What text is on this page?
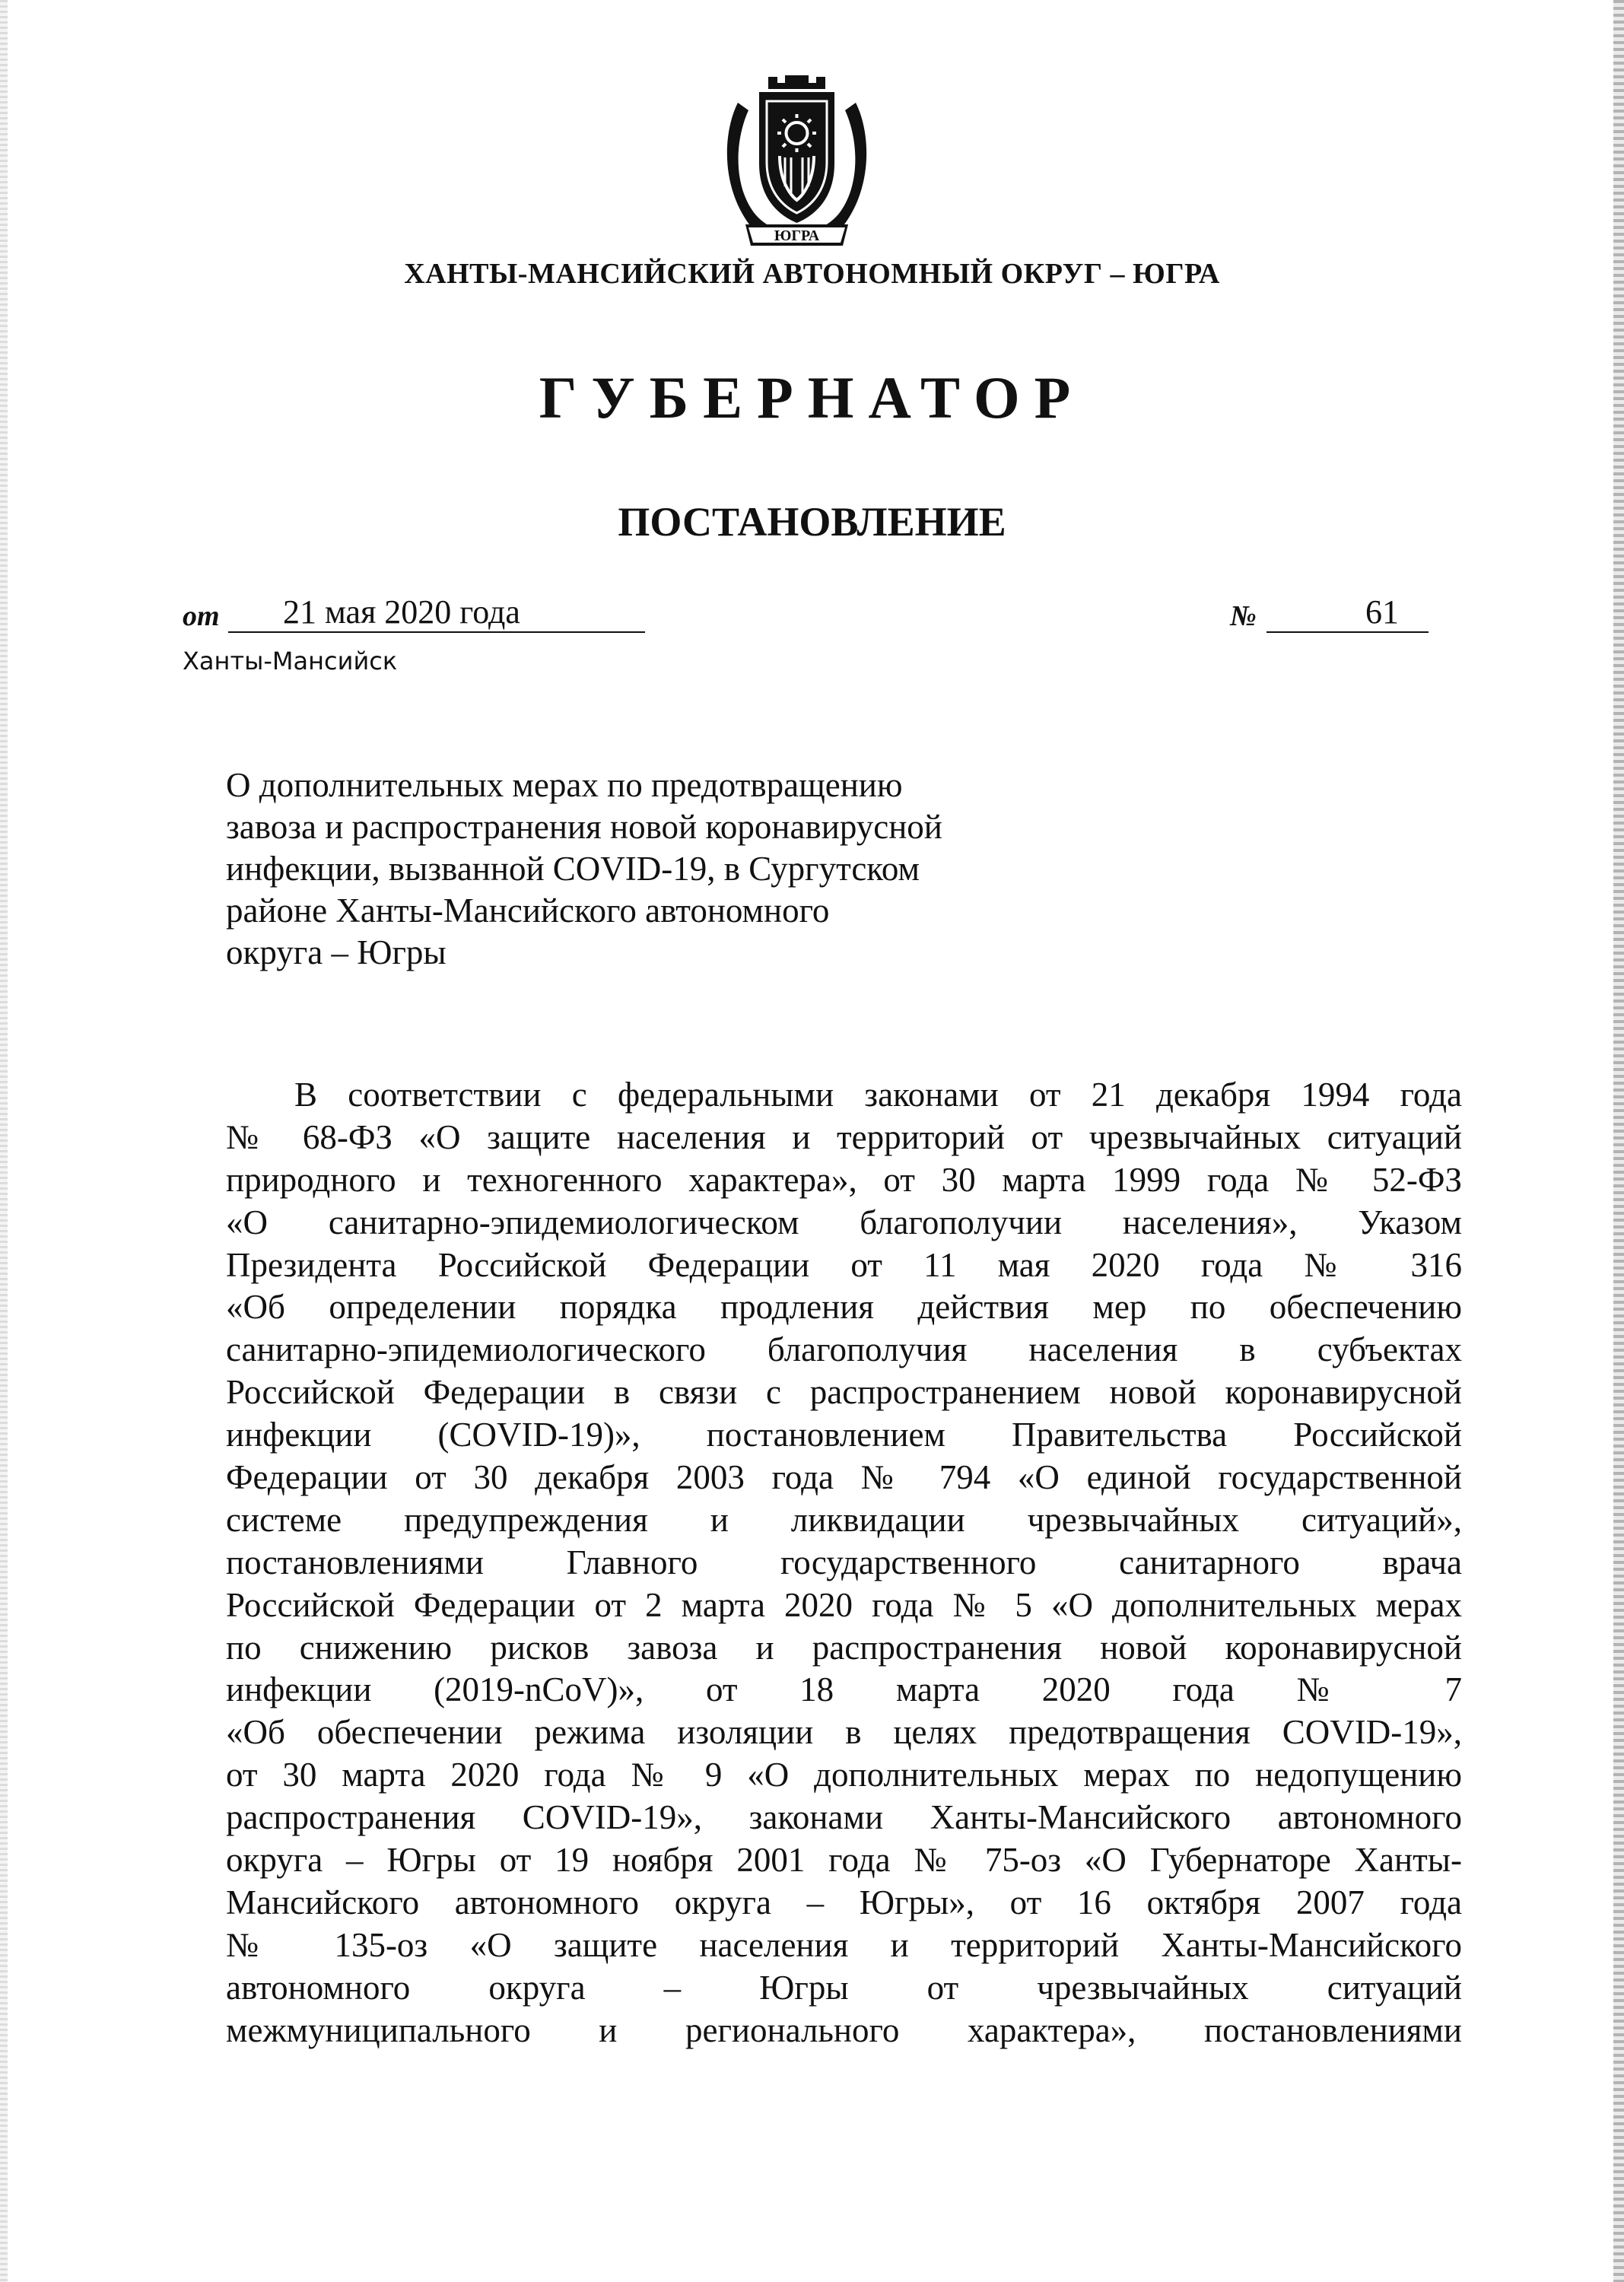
ЮГРА
ХАНТЫ-МАНСИЙСКИЙ АВТОНОМНЫЙ ОКРУГ – ЮГРА
ГУБЕРНАТОР
ПОСТАНОВЛЕНИЕ
от 21 мая 2020 года	№	61
Ханты-Мансийск
О дополнительных мерах по предотвращению
завоза и распространения новой коронавирусной
инфекции, вызванной COVID-19, в Сургутском
районе Ханты-Мансийского автономного
округа – Югры
В соответствии с федеральными законами от 21 декабря 1994 года
№ 68-ФЗ «О защите населения и территорий от чрезвычайных ситуаций
природного и техногенного характера», от 30 марта 1999 года № 52-ФЗ
«О санитарно-эпидемиологическом благополучии населения», Указом
Президента Российской Федерации от 11 мая 2020 года № 316
«Об определении порядка продления действия мер по обеспечению
санитарно-эпидемиологического благополучия населения в субъектах
Российской Федерации в связи с распространением новой коронавирусной
инфекции (COVID-19)», постановлением Правительства Российской
Федерации от 30 декабря 2003 года № 794 «О единой государственной
системе предупреждения и ликвидации чрезвычайных ситуаций»,
постановлениями Главного государственного санитарного врача
Российской Федерации от 2 марта 2020 года № 5 «О дополнительных мерах
по снижению рисков завоза и распространения новой коронавирусной
инфекции (2019-nCoV)», от 18 марта 2020 года № 7
«Об обеспечении режима изоляции в целях предотвращения COVID-19»,
от 30 марта 2020 года № 9 «О дополнительных мерах по недопущению
распространения COVID-19», законами Ханты-Мансийского автономного
округа – Югры от 19 ноября 2001 года № 75-оз «О Губернаторе Ханты-
Мансийского автономного округа – Югры», от 16 октября 2007 года
№ 135-оз «О защите населения и территорий Ханты-Мансийского
автономного округа – Югры от чрезвычайных ситуаций
межмуниципального и регионального характера», постановлениями
